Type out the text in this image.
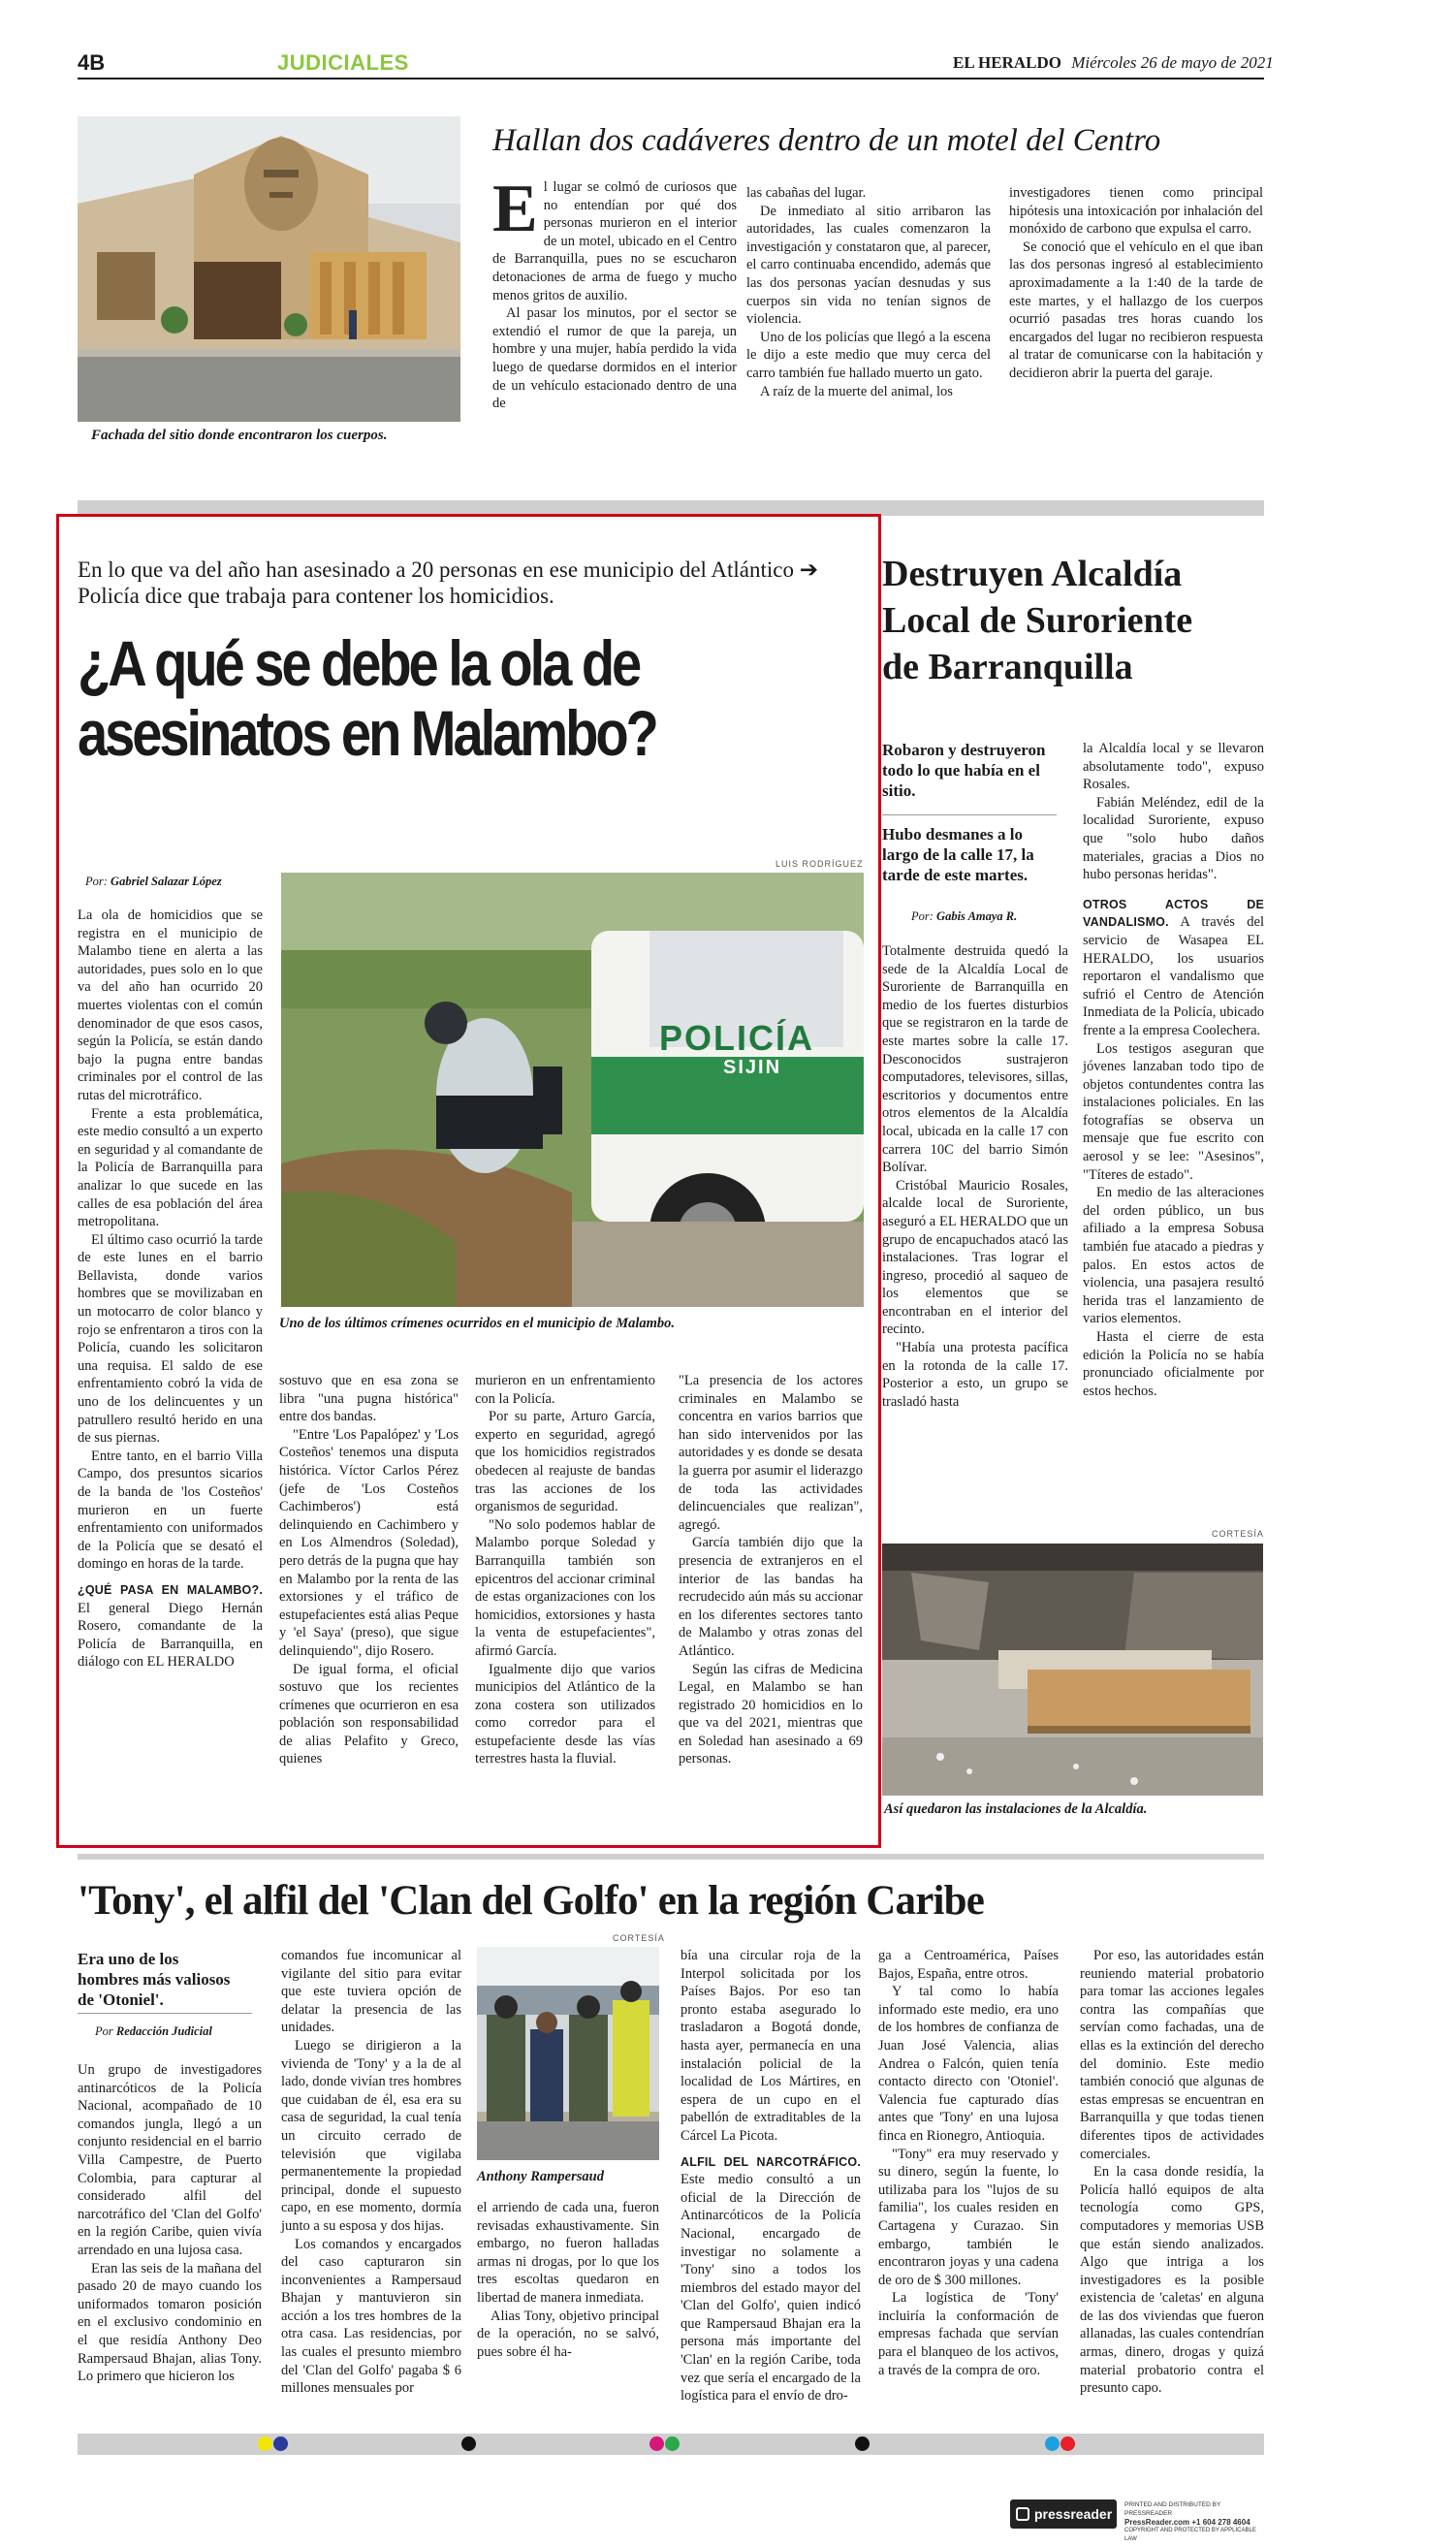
4B	JUDICIALES	EL HERALDO Miércoles 26 de mayo de 2021
Fachada del sitio donde encontraron los cuerpos.
Hallan dos cadáveres dentro de un motel del Centro

El lugar se colmó de curiosos que no entendían por qué dos personas murieron en el interior de un motel, ubicado en el Centro de Barranquilla, pues no se escucharon detonaciones de arma de fuego y mucho menos gritos de auxilio.

Al pasar los minutos, por el sector se extendió el rumor de que la pareja, un hombre y una mujer, había perdido la vida luego de quedarse dormidos en el interior de un vehículo estacionado dentro de una de

las cabañas del lugar.

De inmediato al sitio arribaron las autoridades, las cuales comenzaron la investigación y constataron que, al parecer, el carro continuaba encendido, además que las dos personas yacían desnudas y sus cuerpos sin vida no tenían signos de violencia.

Uno de los policías que llegó a la escena le dijo a este medio que muy cerca del carro también fue hallado muerto un gato.

A raíz de la muerte del animal, los

investigadores tienen como principal hipótesis una intoxicación por inhalación del monóxido de carbono que expulsa el carro.

Se conoció que el vehículo en el que iban las dos personas ingresó al establecimiento aproximadamente a la 1:40 de la tarde de este martes, y el hallazgo de los cuerpos ocurrió pasadas tres horas cuando los encargados del lugar no recibieron respuesta al tratar de comunicarse con la habitación y decidieron abrir la puerta del garaje.

En lo que va del año han asesinado a 20 personas en ese municipio del Atlántico ➔ Policía dice que trabaja para contener los homicidios.
¿A qué se debe la ola de asesinatos en Malambo?
Por: Gabriel Salazar López
LUIS RODRÍGUEZ
POLICÍA
SIJIN
Uno de los últimos crímenes ocurridos en el municipio de Malambo.

La ola de homicidios que se registra en el municipio de Malambo tiene en alerta a las autoridades, pues solo en lo que va del año han ocurrido 20 muertes violentas con el común denominador de que esos casos, según la Policía, se están dando bajo la pugna entre bandas criminales por el control de las rutas del microtráfico.

Frente a esta problemática, este medio consultó a un experto en seguridad y al comandante de la Policía de Barranquilla para analizar lo que sucede en las calles de esa población del área metropolitana.

El último caso ocurrió la tarde de este lunes en el barrio Bellavista, donde varios hombres que se movilizaban en un motocarro de color blanco y rojo se enfrentaron a tiros con la Policía, cuando les solicitaron una requisa. El saldo de ese enfrentamiento cobró la vida de uno de los delincuentes y un patrullero resultó herido en una de sus piernas.

Entre tanto, en el barrio Villa Campo, dos presuntos sicarios de la banda de 'los Costeños' murieron en un fuerte enfrentamiento con uniformados de la Policía que se desató el domingo en horas de la tarde.

¿QUÉ PASA EN MALAMBO?. El general Diego Hernán Rosero, comandante de la Policía de Barranquilla, en diálogo con EL HERALDO

sostuvo que en esa zona se libra "una pugna histórica" entre dos bandas.

"Entre 'Los Papalópez' y 'Los Costeños' tenemos una disputa histórica. Víctor Carlos Pérez (jefe de 'Los Costeños Cachimberos') está delinquiendo en Cachimbero y en Los Almendros (Soledad), pero detrás de la pugna que hay en Malambo por la renta de las extorsiones y el tráfico de estupefacientes está alias Peque y 'el Saya' (preso), que sigue delinquiendo", dijo Rosero.

De igual forma, el oficial sostuvo que los recientes crímenes que ocurrieron en esa población son responsabilidad de alias Pelafito y Greco, quienes

murieron en un enfrentamiento con la Policía.

Por su parte, Arturo García, experto en seguridad, agregó que los homicidios registrados obedecen al reajuste de bandas tras las acciones de los organismos de seguridad.

"No solo podemos hablar de Malambo porque Soledad y Barranquilla también son epicentros del accionar criminal de estas organizaciones con los homicidios, extorsiones y hasta la venta de estupefacientes", afirmó García.

Igualmente dijo que varios municipios del Atlántico de la zona costera son utilizados como corredor para el estupefaciente desde las vías terrestres hasta la fluvial.

"La presencia de los actores criminales en Malambo se concentra en varios barrios que han sido intervenidos por las autoridades y es donde se desata la guerra por asumir el liderazgo de toda las actividades delincuenciales que realizan", agregó.

García también dijo que la presencia de extranjeros en el interior de las bandas ha recrudecido aún más su accionar en los diferentes sectores tanto de Malambo y otras zonas del Atlántico.

Según las cifras de Medicina Legal, en Malambo se han registrado 20 homicidios en lo que va del 2021, mientras que en Soledad han asesinado a 69 personas.

Destruyen Alcaldía
Local de Suroriente
de Barranquilla
Robaron y destruyeron todo lo que había en el sitio.
Hubo desmanes a lo largo de la calle 17, la tarde de este martes.
Por: Gabis Amaya R.

Totalmente destruida quedó la sede de la Alcaldía Local de Suroriente de Barranquilla en medio de los fuertes disturbios que se registraron en la tarde de este martes sobre la calle 17. Desconocidos sustrajeron computadores, televisores, sillas, escritorios y documentos entre otros elementos de la Alcaldía local, ubicada en la calle 17 con carrera 10C del barrio Simón Bolívar.

Cristóbal Mauricio Rosales, alcalde local de Suroriente, aseguró a EL HERALDO que un grupo de encapuchados atacó las instalaciones. Tras lograr el ingreso, procedió al saqueo de los elementos que se encontraban en el interior del recinto.

"Había una protesta pacífica en la rotonda de la calle 17. Posterior a esto, un grupo se trasladó hasta

la Alcaldía local y se llevaron absolutamente todo", expuso Rosales.

Fabián Meléndez, edil de la localidad Suroriente, expuso que "solo hubo daños materiales, gracias a Dios no hubo personas heridas".

OTROS ACTOS DE VANDALISMO. A través del servicio de Wasapea EL HERALDO, los usuarios reportaron el vandalismo que sufrió el Centro de Atención Inmediata de la Policía, ubicado frente a la empresa Coolechera.

Los testigos aseguran que jóvenes lanzaban todo tipo de objetos contundentes contra las instalaciones policiales. En las fotografías se observa un mensaje que fue escrito con aerosol y se lee: "Asesinos", "Títeres de estado".

En medio de las alteraciones del orden público, un bus afiliado a la empresa Sobusa también fue atacado a piedras y palos. En estos actos de violencia, una pasajera resultó herida tras el lanzamiento de varios elementos.

Hasta el cierre de esta edición la Policía no se había pronunciado oficialmente por estos hechos.

CORTESÍA
Así quedaron las instalaciones de la Alcaldía.
'Tony', el alfil del 'Clan del Golfo' en la región Caribe
Era uno de los hombres más valiosos de 'Otoniel'.
Por Redacción Judicial

Un grupo de investigadores antinarcóticos de la Policía Nacional, acompañado de 10 comandos jungla, llegó a un conjunto residencial en el barrio Villa Campestre, de Puerto Colombia, para capturar al considerado alfil del narcotráfico del 'Clan del Golfo' en la región Caribe, quien vivía arrendado en una lujosa casa.

Eran las seis de la mañana del pasado 20 de mayo cuando los uniformados tomaron posición en el exclusivo condominio en el que residía Anthony Deo Rampersaud Bhajan, alias Tony. Lo primero que hicieron los

comandos fue incomunicar al vigilante del sitio para evitar que este tuviera opción de delatar la presencia de las unidades.

Luego se dirigieron a la vivienda de 'Tony' y a la de al lado, donde vivían tres hombres que cuidaban de él, esa era su casa de seguridad, la cual tenía un circuito cerrado de televisión que vigilaba permanentemente la propiedad principal, donde el supuesto capo, en ese momento, dormía junto a su esposa y dos hijas.

Los comandos y encargados del caso capturaron sin inconvenientes a Rampersaud Bhajan y mantuvieron sin acción a los tres hombres de la otra casa. Las residencias, por las cuales el presunto miembro del 'Clan del Golfo' pagaba $ 6 millones mensuales por

CORTESÍA
Anthony Rampersaud

el arriendo de cada una, fueron revisadas exhaustivamente. Sin embargo, no fueron halladas armas ni drogas, por lo que los tres escoltas quedaron en libertad de manera inmediata.

Alias Tony, objetivo principal de la operación, no se salvó, pues sobre él ha-

bía una circular roja de la Interpol solicitada por los Países Bajos. Por eso tan pronto estaba asegurado lo trasladaron a Bogotá donde, hasta ayer, permanecía en una instalación policial de la localidad de Los Mártires, en espera de un cupo en el pabellón de extraditables de la Cárcel La Picota.

ALFIL DEL NARCOTRÁFICO. Este medio consultó a un oficial de la Dirección de Antinarcóticos de la Policía Nacional, encargado de investigar no solamente a 'Tony' sino a todos los miembros del estado mayor del 'Clan del Golfo', quien indicó que Rampersaud Bhajan era la persona más importante del 'Clan' en la región Caribe, toda vez que sería el encargado de la logística para el envío de dro-

ga a Centroamérica, Países Bajos, España, entre otros.

Y tal como lo había informado este medio, era uno de los hombres de confianza de Juan José Valencia, alias Andrea o Falcón, quien tenía contacto directo con 'Otoniel'. Valencia fue capturado días antes que 'Tony' en una lujosa finca en Rionegro, Antioquia.

"Tony" era muy reservado y su dinero, según la fuente, lo utilizaba para los "lujos de su familia", los cuales residen en Cartagena y Curazao. Sin embargo, también le encontraron joyas y una cadena de oro de $ 300 millones.

La logística de 'Tony' incluiría la conformación de empresas fachada que servían para el blanqueo de los activos, a través de la compra de oro.

Por eso, las autoridades están reuniendo material probatorio para tomar las acciones legales contra las compañías que servían como fachadas, una de ellas es la extinción del derecho del dominio. Este medio también conoció que algunas de estas empresas se encuentran en Barranquilla y que todas tienen diferentes tipos de actividades comerciales.

En la casa donde residía, la Policía halló equipos de alta tecnología como GPS, computadores y memorias USB que están siendo analizados. Algo que intriga a los investigadores es la posible existencia de 'caletas' en alguna de las dos viviendas que fueron allanadas, las cuales contendrían armas, dinero, drogas y quizá material probatorio contra el presunto capo.

pressreader
PRINTED AND DISTRIBUTED BY PRESSREADER
PressReader.com +1 604 278 4604
COPYRIGHT AND PROTECTED BY APPLICABLE LAW
